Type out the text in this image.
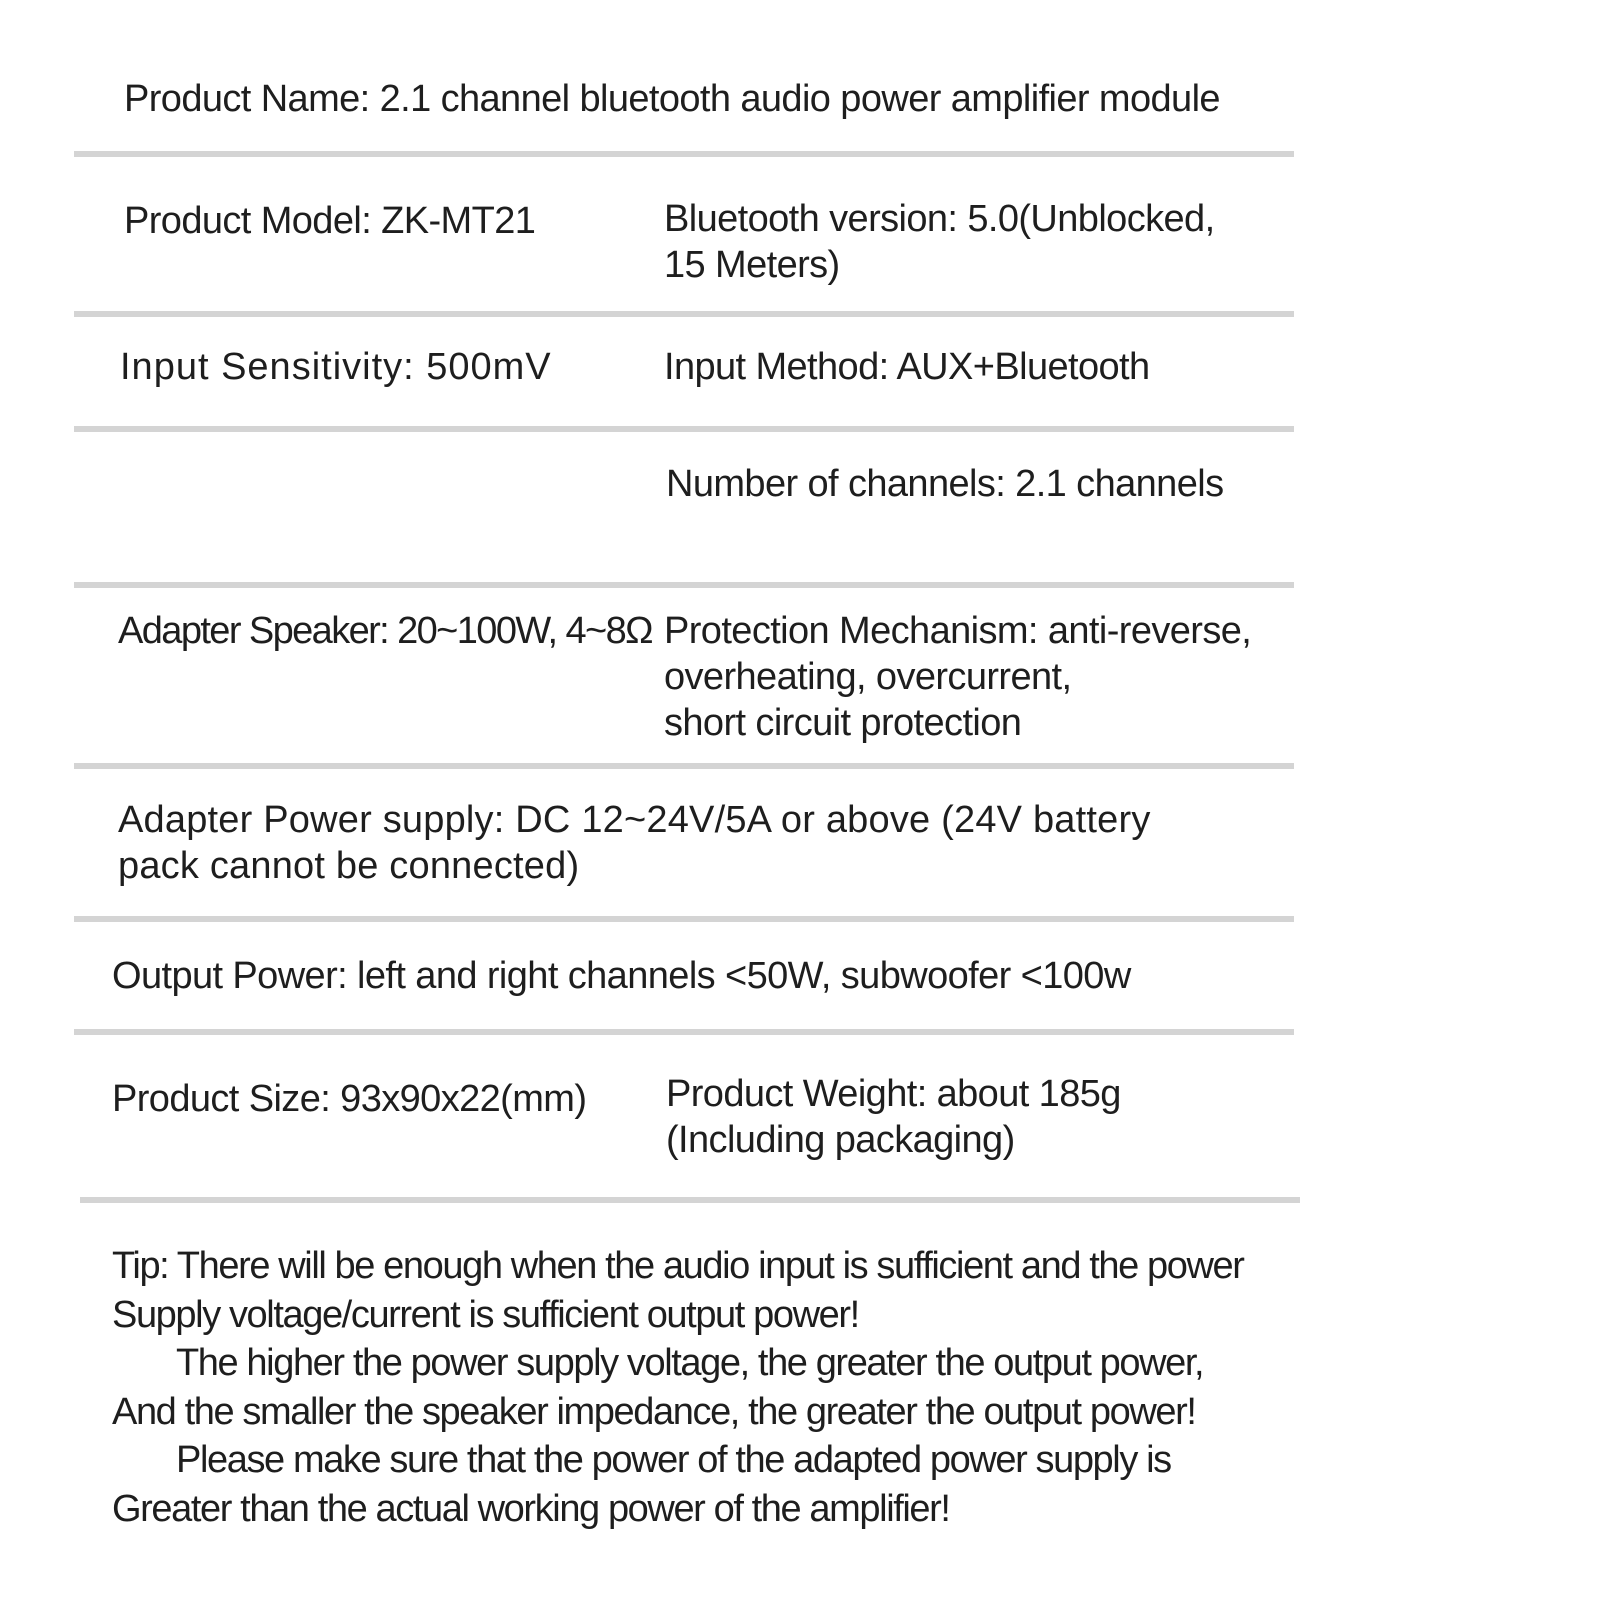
Product Name: 2.1 channel bluetooth audio power amplifier module
Product Model: ZK-MT21	Bluetooth version: 5.0(Unblocked,
15 Meters)
Input Sensitivity: 500mV	Input Method: AUX+Bluetooth
Number of channels: 2.1 channels
Adapter Speaker: 20~100W, 4~8Ω Protection Mechanism: anti-reverse,
overheating, overcurrent,
short circuit protection
Adapter Power supply: DC 12~24V/5A or above (24V battery
pack cannot be connected)
Output Power: left and right channels <50W, subwoofer <100w
Product Size: 93x90x22(mm) Product Weight: about 185g
(Including packaging)
Tip: There will be enough when the audio input is sufficient and the power
Supply voltage/current is sufficient output power!
The higher the power supply voltage, the greater the output power,
And the smaller the speaker impedance, the greater the output power!
Please make sure that the power of the adapted power supply is
Greater than the actual working power of the amplifier!
